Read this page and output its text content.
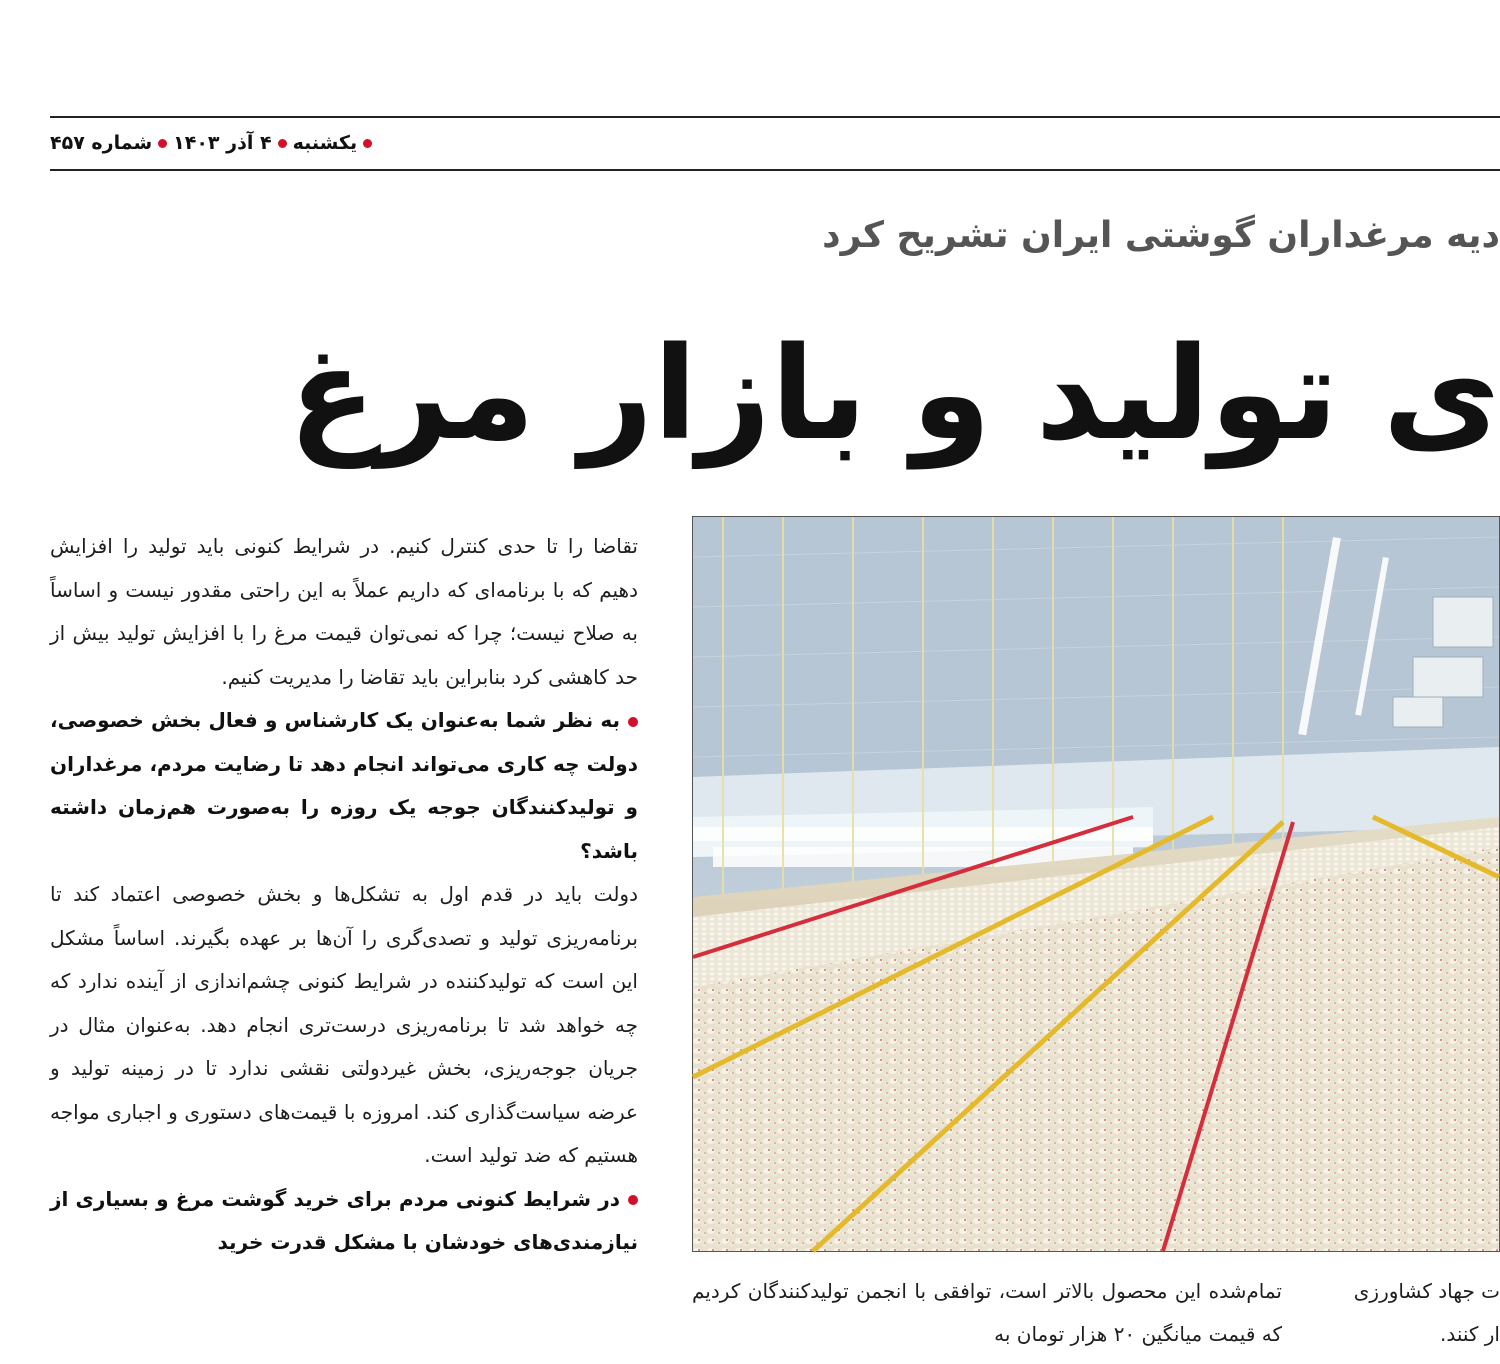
یکشنبه
۴ آذر ۱۴۰۳
شماره ۴۵۷
دیه مرغداران گوشتی ایران تشریح کرد
ی تولید و بازار مرغ

تقاضا را تا حدی کنترل کنیم. در شرایط کنونی باید تولید را افزایش دهیم که با برنامه‌ای که داریم عملاً به این راحتی مقدور نیست و اساساً به صلاح نیست؛ چرا که نمی‌توان قیمت مرغ را با افزایش تولید بیش از حد کاهشی کرد بنابراین باید تقاضا را مدیریت کنیم.

به نظر شما به‌عنوان یک کارشناس و فعال بخش خصوصی، دولت چه کاری می‌تواند انجام دهد تا رضایت مردم، مرغداران و تولیدکنندگان جوجه یک روزه را به‌صورت هم‌زمان داشته باشد؟

دولت باید در قدم اول به تشکل‌ها و بخش خصوصی اعتماد کند تا برنامه‌ریزی تولید و تصدی‌گری را آن‌ها بر عهده بگیرند. اساساً مشکل این است که تولیدکننده در شرایط کنونی چشم‌اندازی از آینده ندارد که چه خواهد شد تا برنامه‌ریزی درست‌تری انجام دهد. به‌عنوان مثال در جریان جوجه‌ریزی، بخش غیردولتی نقشی ندارد تا در زمینه تولید و عرضه سیاست‌گذاری کند. امروزه با قیمت‌های دستوری و اجباری مواجه هستیم که ضد تولید است.

در شرایط کنونی مردم برای خرید گوشت مرغ و بسیاری از نیازمندی‌های خودشان با مشکل قدرت خرید

تمام‌شده این محصول بالاتر است، توافقی با انجمن تولیدکنندگان کردیم که قیمت میانگین ۲۰ هزار تومان به

ت جهاد کشاورزی

ار کنند.
